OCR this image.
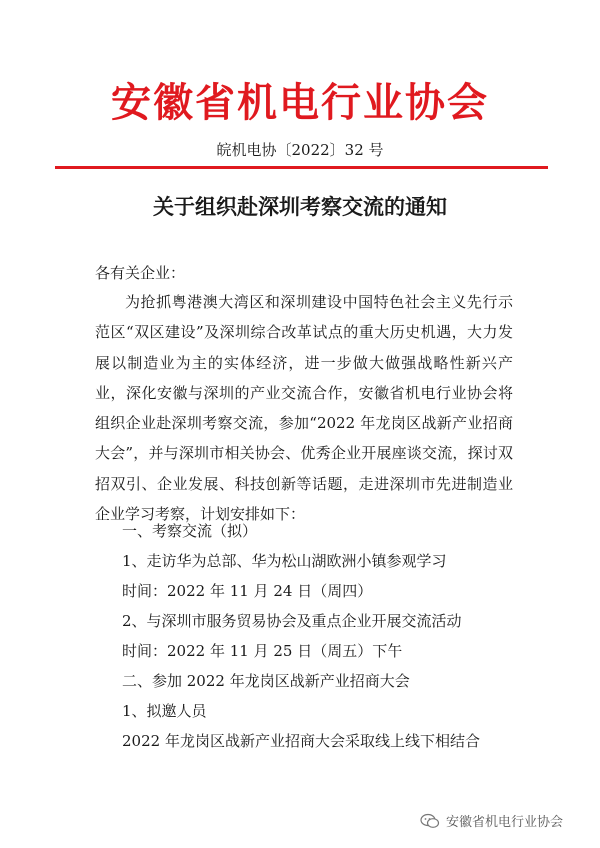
安徽省机电行业协会
皖机电协〔2022〕32 号
关于组织赴深圳考察交流的通知
各有关企业：
为抢抓粤港澳大湾区和深圳建设中国特色社会主义先行示范区“双区建设”及深圳综合改革试点的重大历史机遇，大力发展以制造业为主的实体经济，进一步做大做强战略性新兴产业，深化安徽与深圳的产业交流合作，安徽省机电行业协会将组织企业赴深圳考察交流，参加“2022 年龙岗区战新产业招商大会”，并与深圳市相关协会、优秀企业开展座谈交流，探讨双招双引、企业发展、科技创新等话题，走进深圳市先进制造业企业学习考察，计划安排如下：
一、考察交流（拟）
1、走访华为总部、华为松山湖欧洲小镇参观学习
时间：2022 年 11 月 24 日（周四）
2、与深圳市服务贸易协会及重点企业开展交流活动
时间：2022 年 11 月 25 日（周五）下午
二、参加 2022 年龙岗区战新产业招商大会
1、拟邀人员
2022 年龙岗区战新产业招商大会采取线上线下相结合
安徽省机电行业协会
